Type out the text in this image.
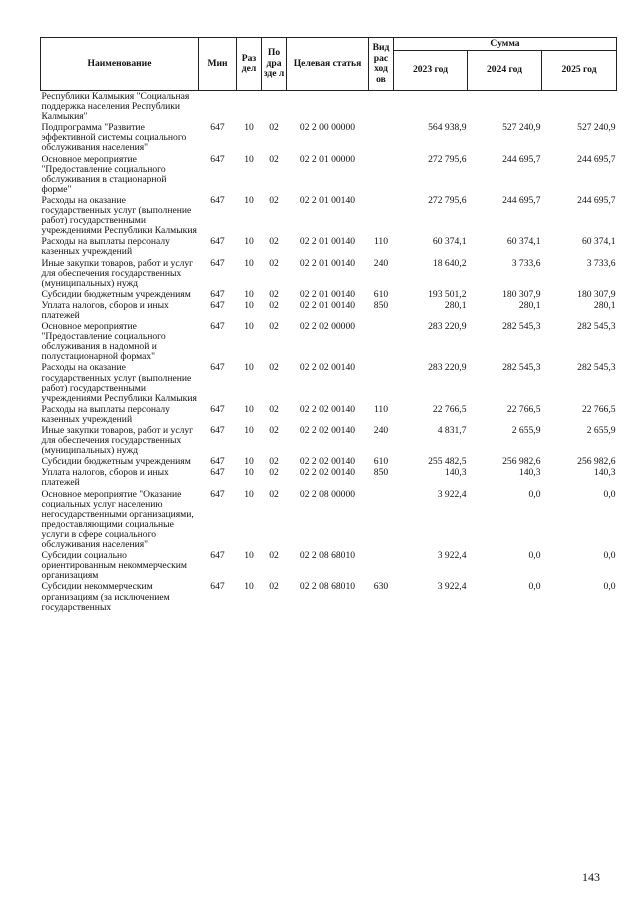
Наименование	Мин	Раз дел	По дра зде л	Целевая статья	Вид рас ход ов	Сумма		
						2023 год	2024 год	2025 год
Республики Калмыкия "Социальная поддержка населения Республики Калмыкия"								
Подпрограмма "Развитие эффективной системы социального обслуживания населения"	647	10	02	02 2 00 00000		564 938,9	527 240,9	527 240,9
Основное мероприятие "Предоставление социального обслуживания в стационарной форме"	647	10	02	02 2 01 00000		272 795,6	244 695,7	244 695,7
Расходы на оказание государственных услуг (выполнение работ) государственными учреждениями Республики Калмыкия	647	10	02	02 2 01 00140		272 795,6	244 695,7	244 695,7
Расходы на выплаты персоналу казенных учреждений	647	10	02	02 2 01 00140	110	60 374,1	60 374,1	60 374,1
Иные закупки товаров, работ и услуг для обеспечения государственных (муниципальных) нужд	647	10	02	02 2 01 00140	240	18 640,2	3 733,6	3 733,6
Субсидии бюджетным учреждениям	647	10	02	02 2 01 00140	610	193 501,2	180 307,9	180 307,9
Уплата налогов, сборов и иных платежей	647	10	02	02 2 01 00140	850	280,1	280,1	280,1
Основное мероприятие "Предоставление социального обслуживания в надомной и полустационарной формах"	647	10	02	02 2 02 00000		283 220,9	282 545,3	282 545,3
Расходы на оказание государственных услуг (выполнение работ) государственными учреждениями Республики Калмыкия	647	10	02	02 2 02 00140		283 220,9	282 545,3	282 545,3
Расходы на выплаты персоналу казенных учреждений	647	10	02	02 2 02 00140	110	22 766,5	22 766,5	22 766,5
Иные закупки товаров, работ и услуг для обеспечения государственных (муниципальных) нужд	647	10	02	02 2 02 00140	240	4 831,7	2 655,9	2 655,9
Субсидии бюджетным учреждениям	647	10	02	02 2 02 00140	610	255 482,5	256 982,6	256 982,6
Уплата налогов, сборов и иных платежей	647	10	02	02 2 02 00140	850	140,3	140,3	140,3
Основное мероприятие "Оказание социальных услуг населению негосударственными организациями, предоставляющими социальные услуги в сфере социального обслуживания населения"	647	10	02	02 2 08 00000		3 922,4	0,0	0,0
Субсидии социально ориентированным некоммерческим организациям	647	10	02	02 2 08 68010		3 922,4	0,0	0,0
Субсидии некоммерческим организациям (за исключением государственных	647	10	02	02 2 08 68010	630	3 922,4	0,0	0,0
143
